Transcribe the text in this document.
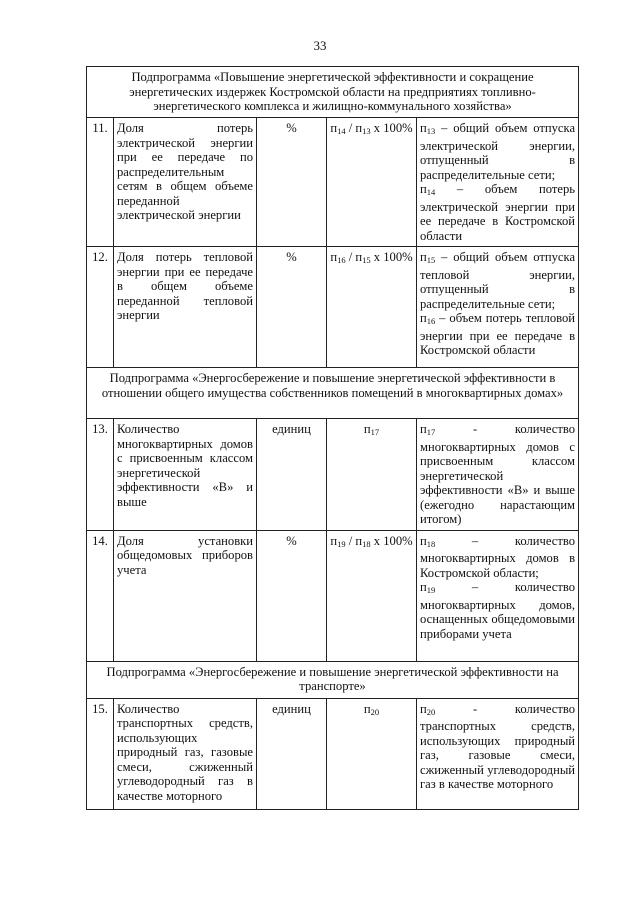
33
Подпрограмма «Повышение энергетической эффективности и сокращение энергетических издержек Костромской области на предприятиях топливно-энергетического комплекса и жилищно-коммунального хозяйства»				
11.	Доля потерь электрической энергии при ее передаче по распределительным сетям в общем объеме переданной электрической энергии	%	$п_{14} / п_{13}$ x 100%	$п_{13}$ – общий объем отпуска электрической энергии, отпущенный в распределительные сети;
$п_{14}$ – объем потерь электрической энергии при ее передаче в Костромской области

12.	Доля потерь тепловой энергии при ее передаче в общем объеме переданной тепловой энергии	%	$п_{16} / п_{15}$ x 100%	$п_{15}$ – общий объем отпуска тепловой энергии, отпущенный в распределительные сети;
$п_{16}$ – объем потерь тепловой энергии при ее передаче в Костромской области

Подпрограмма «Энергосбережение и повышение энергетической эффективности в отношении общего имущества собственников помещений в многоквартирных домах»				
13.	Количество многоквартирных домов с присвоенным классом энергетической эффективности «В» и выше	единиц	$п_{17}$	$п_{17}$ - количество многоквартирных домов с присвоенным классом энергетической эффективности «В» и выше (ежегодно нарастающим итогом)

14.	Доля установки общедомовых приборов учета	%	$п_{19} / п_{18}$ x 100%	$п_{18}$ – количество многоквартирных домов в Костромской области;
$п_{19}$ – количество многоквартирных домов, оснащенных общедомовыми приборами учета

Подпрограмма «Энергосбережение и повышение энергетической эффективности на транспорте»				
15.	Количество транспортных средств, использующих природный газ, газовые смеси, сжиженный углеводородный газ в качестве моторного	единиц	$п_{20}$	$п_{20}$ - количество транспортных средств, использующих природный газ, газовые смеси, сжиженный углеводородный газ в качестве моторного
